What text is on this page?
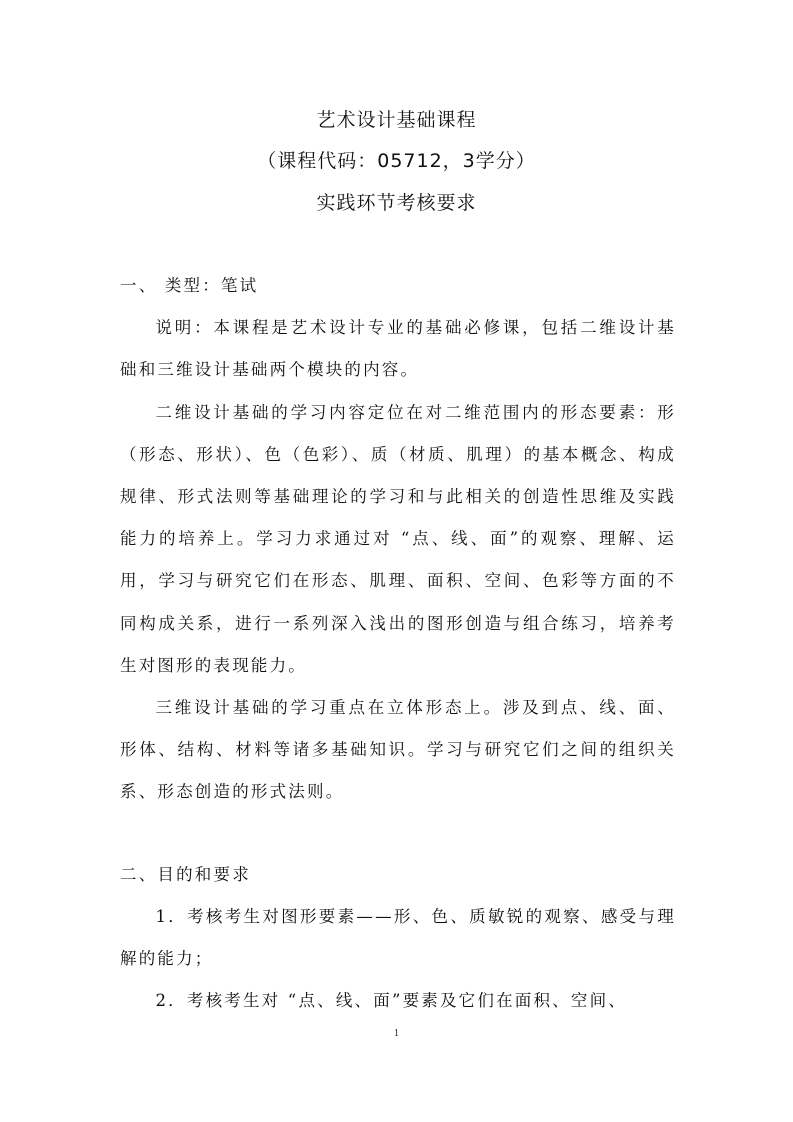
艺术设计基础课程
（课程代码：05712，3学分）
实践环节考核要求

一、 类型：笔试

说明：本课程是艺术设计专业的基础必修课，包括二维设计基础和三维设计基础两个模块的内容。

二维设计基础的学习内容定位在对二维范围内的形态要素：形（形态、形状）、色（色彩）、质（材质、肌理）的基本概念、构成规律、形式法则等基础理论的学习和与此相关的创造性思维及实践能力的培养上。学习力求通过对 “点、线、面”的观察、理解、运用，学习与研究它们在形态、肌理、面积、空间、色彩等方面的不同构成关系，进行一系列深入浅出的图形创造与组合练习，培养考生对图形的表现能力。

三维设计基础的学习重点在立体形态上。涉及到点、线、面、形体、结构、材料等诸多基础知识。学习与研究它们之间的组织关系、形态创造的形式法则。

二、目的和要求

1．考核考生对图形要素——形、色、质敏锐的观察、感受与理解的能力；

2．考核考生对 “点、线、面”要素及它们在面积、空间、

1
